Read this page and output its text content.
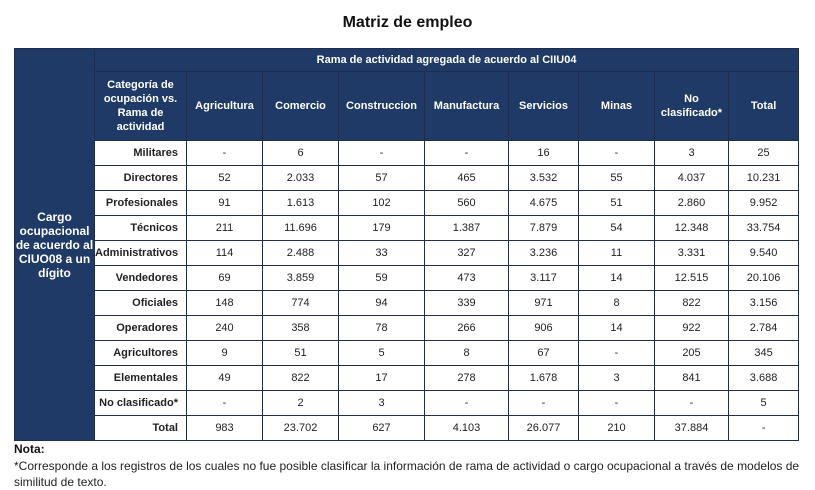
Matriz de empleo
Cargo ocupacional de acuerdo al CIUO08 a un dígito	Rama de actividad agregada de acuerdo al CIIU04								
	Categoría de ocupación vs. Rama de actividad	Agricultura	Comercio	Construccion	Manufactura	Servicios	Minas	No clasificado*	Total
	Militares	-	6	-	-	16	-	3	25
	Directores	52	2.033	57	465	3.532	55	4.037	10.231
	Profesionales	91	1.613	102	560	4.675	51	2.860	9.952
	Técnicos	211	11.696	179	1.387	7.879	54	12.348	33.754
	Administrativos	114	2.488	33	327	3.236	11	3.331	9.540
	Vendedores	69	3.859	59	473	3.117	14	12.515	20.106
	Oficiales	148	774	94	339	971	8	822	3.156
	Operadores	240	358	78	266	906	14	922	2.784
	Agricultores	9	51	5	8	67	-	205	345
	Elementales	49	822	17	278	1.678	3	841	3.688
	No clasificado*	-	2	3	-	-	-	-	5
	Total	983	23.702	627	4.103	26.077	210	37.884	-
Nota:
*Corresponde a los registros de los cuales no fue posible clasificar la información de rama de actividad o cargo ocupacional a través de modelos de similitud de texto.
